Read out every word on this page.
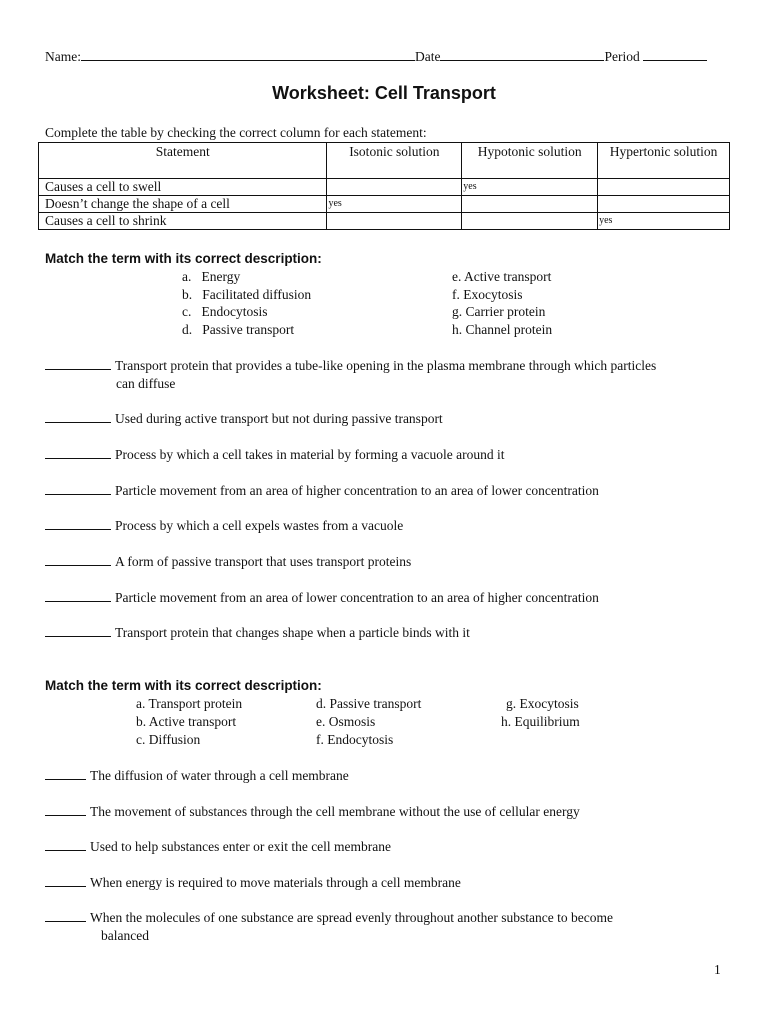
Name:	Date	Period
Worksheet: Cell Transport
Complete the table by checking the correct column for each statement:
Statement	Isotonic solution	Hypotonic solution	Hypertonic solution
Causes a cell to swell		yes	
Doesn’t change the shape of a cell	yes		
Causes a cell to shrink			yes
Match the term with its correct description:
a.   Energy
b.   Facilitated diffusion
c.   Endocytosis
d.   Passive transport
e. Active transport
f. Exocytosis
g. Carrier protein
h. Channel protein
Transport protein that provides a tube-like opening in the plasma membrane through which particles
can diffuse
Used during active transport but not during passive transport
Process by which a cell takes in material by forming a vacuole around it
Particle movement from an area of higher concentration to an area of lower concentration
Process by which a cell expels wastes from a vacuole
A form of passive transport that uses transport proteins
Particle movement from an area of lower concentration to an area of higher concentration
Transport protein that changes shape when a particle binds with it
Match the term with its correct description:
a. Transport protein
b. Active transport
c. Diffusion
d. Passive transport
e. Osmosis
f. Endocytosis
g. Exocytosis
h. Equilibrium
The diffusion of water through a cell membrane
The movement of substances through the cell membrane without the use of cellular energy
Used to help substances enter or exit the cell membrane
When energy is required to move materials through a cell membrane
When the molecules of one substance are spread evenly throughout another substance to become
balanced
1
